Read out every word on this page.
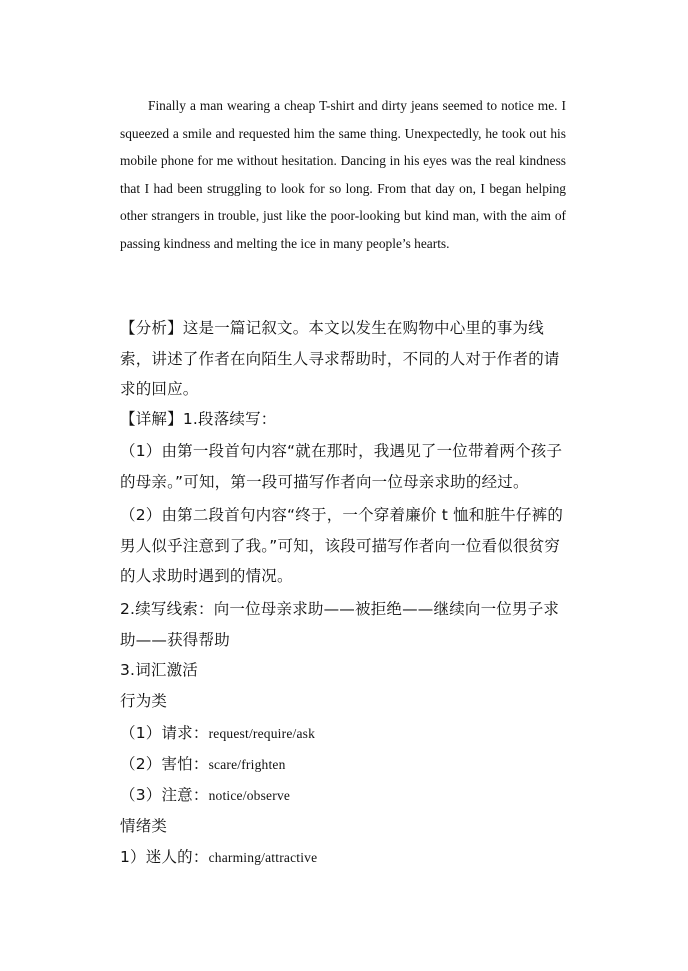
Finally a man wearing a cheap T-shirt and dirty jeans seemed to notice me. I squeezed a smile and requested him the same thing. Unexpectedly, he took out his mobile phone for me without hesitation. Dancing in his eyes was the real kindness that I had been struggling to look for so long. From that day on, I began helping other strangers in trouble, just like the poor-looking but kind man, with the aim of passing kindness and melting the ice in many people’s hearts.

【分析】这是一篇记叙文。本文以发生在购物中心里的事为线索，讲述了作者在向陌生人寻求帮助时，不同的人对于作者的请求的回应。
【详解】1.段落续写：
（1）由第一段首句内容“就在那时，我遇见了一位带着两个孩子的母亲。”可知，第一段可描写作者向一位母亲求助的经过。
（2）由第二段首句内容“终于，一个穿着廉价 t 恤和脏牛仔裤的男人似乎注意到了我。”可知，该段可描写作者向一位看似很贫穷的人求助时遇到的情况。
2.续写线索：向一位母亲求助——被拒绝——继续向一位男子求助——获得帮助
3.词汇激活
行为类
（1）请求：request/require/ask
（2）害怕：scare/frighten
（3）注意：notice/observe
情绪类
1）迷人的：charming/attractive
